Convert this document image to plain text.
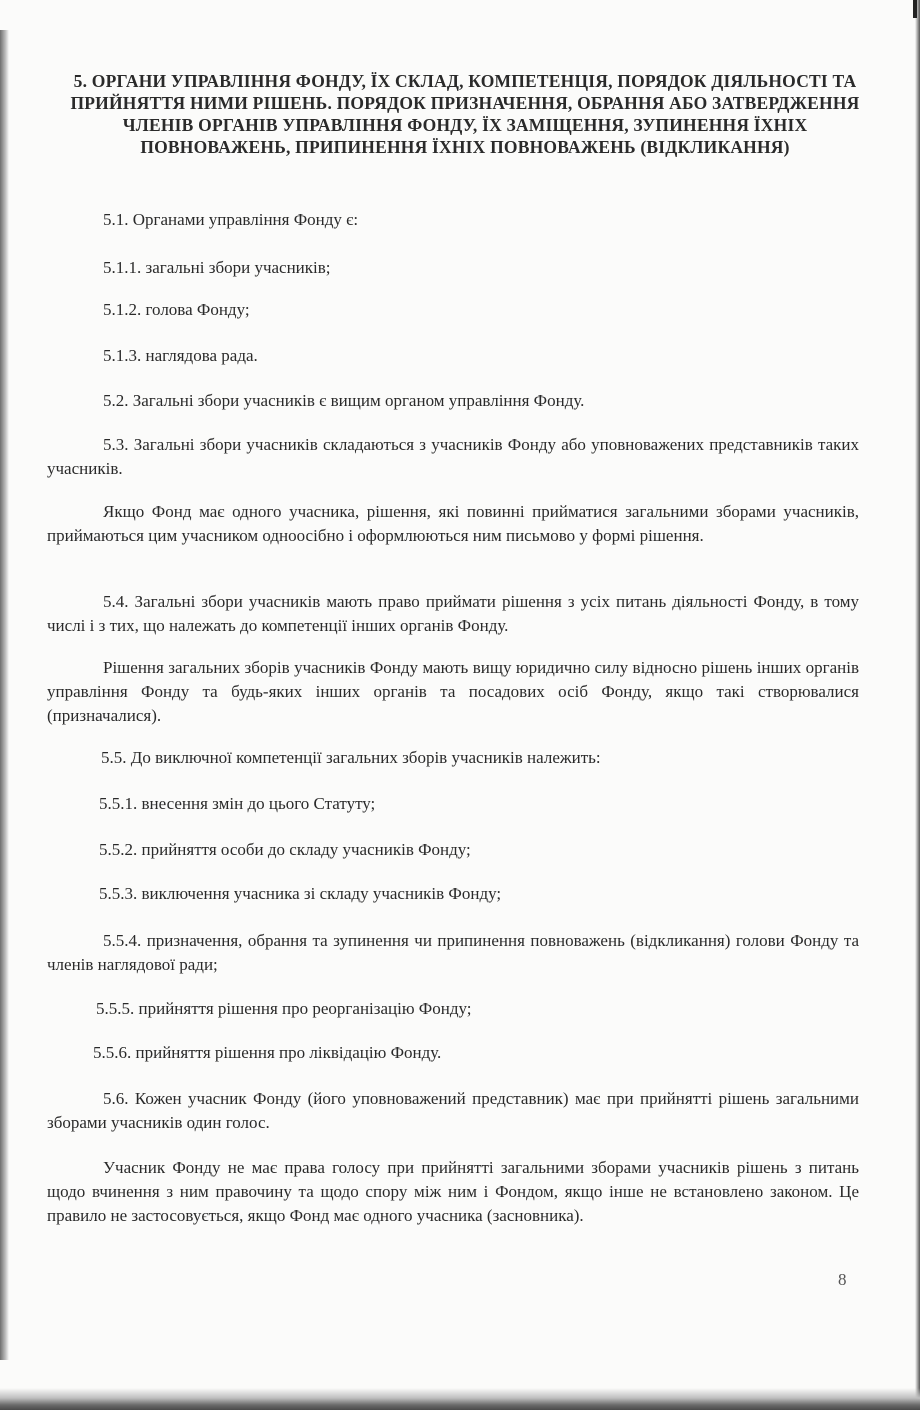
5. ОРГАНИ УПРАВЛІННЯ ФОНДУ, ЇХ СКЛАД, КОМПЕТЕНЦІЯ, ПОРЯДОК ДІЯЛЬНОСТІ ТА ПРИЙНЯТТЯ НИМИ РІШЕНЬ. ПОРЯДОК ПРИЗНАЧЕННЯ, ОБРАННЯ АБО ЗАТВЕРДЖЕННЯ ЧЛЕНІВ ОРГАНІВ УПРАВЛІННЯ ФОНДУ, ЇХ ЗАМІЩЕННЯ, ЗУПИНЕННЯ ЇХНІХ ПОВНОВАЖЕНЬ, ПРИПИНЕННЯ ЇХНІХ ПОВНОВАЖЕНЬ (ВІДКЛИКАННЯ)
5.1. Органами управління Фонду є:
5.1.1. загальні збори учасників;
5.1.2. голова Фонду;
5.1.3. наглядова рада.
5.2. Загальні збори учасників є вищим органом управління Фонду.
5.3. Загальні збори учасників складаються з учасників Фонду або уповноважених представників таких учасників.
Якщо Фонд має одного учасника, рішення, які повинні прийматися загальними зборами учасників, приймаються цим учасником одноосібно і оформлюються ним письмово у формі рішення.
5.4. Загальні збори учасників мають право приймати рішення з усіх питань діяльності Фонду, в тому числі і з тих, що належать до компетенції інших органів Фонду.
Рішення загальних зборів учасників Фонду мають вищу юридично силу відносно рішень інших органів управління Фонду та будь-яких інших органів та посадових осіб Фонду, якщо такі створювалися (призначалися).
5.5. До виключної компетенції загальних зборів учасників належить:
5.5.1. внесення змін до цього Статуту;
5.5.2. прийняття особи до складу учасників Фонду;
5.5.3. виключення учасника зі складу учасників Фонду;
5.5.4. призначення, обрання та зупинення чи припинення повноважень (відкликання) голови Фонду та членів наглядової ради;
5.5.5. прийняття рішення про реорганізацію Фонду;
5.5.6. прийняття рішення про ліквідацію Фонду.
5.6. Кожен учасник Фонду (його уповноважений представник) має при прийнятті рішень загальними зборами учасників один голос.
Учасник Фонду не має права голосу при прийнятті загальними зборами учасників рішень з питань щодо вчинення з ним правочину та щодо спору між ним і Фондом, якщо інше не встановлено законом. Це правило не застосовується, якщо Фонд має одного учасника (засновника).
8
